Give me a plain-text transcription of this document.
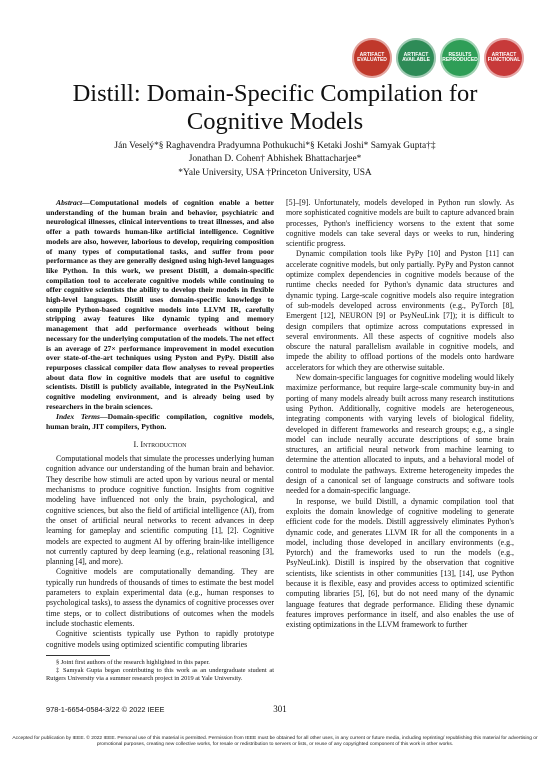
ARTIFACT EVALUATED
ARTIFACT AVAILABLE
RESULTS REPRODUCED
ARTIFACT FUNCTIONAL
Distill: Domain-Specific Compilation for
Cognitive Models
Ján Veselý*§ Raghavendra Pradyumna Pothukuchi*§ Ketaki Joshi* Samyak Gupta†‡
Jonathan D. Cohen† Abhishek Bhattacharjee*
*Yale University, USA †Princeton University, USA

Abstract—Computational models of cognition enable a better understanding of the human brain and behavior, psychiatric and neurological illnesses, clinical interventions to treat illnesses, and also offer a path towards human-like artificial intelligence. Cognitive models are also, however, laborious to develop, requiring composition of many types of computational tasks, and suffer from poor performance as they are generally designed using high-level languages like Python. In this work, we present Distill, a domain-specific compilation tool to accelerate cognitive models while continuing to offer cognitive scientists the ability to develop their models in flexible high-level languages. Distill uses domain-specific knowledge to compile Python-based cognitive models into LLVM IR, carefully stripping away features like dynamic typing and memory management that add performance overheads without being necessary for the underlying computation of the models. The net effect is an average of 27× performance improvement in model execution over state-of-the-art techniques using Pyston and PyPy. Distill also repurposes classical compiler data flow analyses to reveal properties about data flow in cognitive models that are useful to cognitive scientists. Distill is publicly available, integrated in the PsyNeuLink cognitive modeling environment, and is already being used by researchers in the brain sciences.

Index Terms—Domain-specific compilation, cognitive models, human brain, JIT compilers, Python.

I. Introduction

Computational models that simulate the processes underlying human cognition advance our understanding of the human brain and behavior. They describe how stimuli are acted upon by various neural or mental mechanisms to produce cognitive function. Insights from cognitive modeling have influenced not only the brain, psychological, and cognitive sciences, but also the field of artificial intelligence (AI), from the onset of artificial neural networks to recent advances in deep learning for gameplay and scientific computing [1], [2]. Cognitive models are expected to augment AI by offering brain-like intelligence not currently captured by deep learning (e.g., relational reasoning [3], planning [4], and more).

Cognitive models are computationally demanding. They are typically run hundreds of thousands of times to estimate the best model parameters to explain experimental data (e.g., human responses to psychological tasks), to assess the dynamics of cognitive processes over time steps, or to collect distributions of outcomes when the models include stochastic elements.

Cognitive scientists typically use Python to rapidly prototype cognitive models using optimized scientific computing libraries

§ Joint first authors of the research highlighted in this paper.

‡ Samyak Gupta began contributing to this work as an undergraduate student at Rutgers University via a summer research project in 2019 at Yale University.

[5]–[9]. Unfortunately, models developed in Python run slowly. As more sophisticated cognitive models are built to capture advanced brain processes, Python's inefficiency worsens to the extent that some cognitive models can take several days or weeks to run, hindering scientific progress.

Dynamic compilation tools like PyPy [10] and Pyston [11] can accelerate cognitive models, but only partially. PyPy and Pyston cannot optimize complex dependencies in cognitive models because of the runtime checks needed for Python's dynamic data structures and dynamic typing. Large-scale cognitive models also require integration of sub-models developed across environments (e.g., PyTorch [8], Emergent [12], NEURON [9] or PsyNeuLink [7]); it is difficult to design compilers that optimize across computations expressed in several environments. All these aspects of cognitive models also obscure the natural parallelism available in cognitive models, and impede the ability to offload portions of the models onto hardware accelerators for which they are otherwise suitable.

New domain-specific languages for cognitive modeling would likely maximize performance, but require large-scale community buy-in and porting of many models already built across many research institutions using Python. Additionally, cognitive models are heterogeneous, integrating components with varying levels of biological fidelity, developed in different frameworks and research groups; e.g., a single model can include neurally accurate descriptions of some brain structures, an artificial neural network from machine learning to determine the attention allocated to inputs, and a behavioral model of control to modulate the pathways. Extreme heterogeneity impedes the design of a canonical set of language constructs and software tools needed for a domain-specific language.

In response, we build Distill, a dynamic compilation tool that exploits the domain knowledge of cognitive modeling to generate efficient code for the models. Distill aggressively eliminates Python's dynamic code, and generates LLVM IR for all the components in a model, including those developed in ancillary environments (e.g., Pytorch) and the frameworks used to run the models (e.g., PsyNeuLink). Distill is inspired by the observation that cognitive scientists, like scientists in other communities [13], [14], use Python because it is flexible, easy and provides access to optimized scientific computing libraries [5], [6], but do not need many of the dynamic language features that degrade performance. Eliding these dynamic features improves performance in itself, and also enables the use of existing optimizations in the LLVM framework to further

978-1-6654-0584-3/22 © 2022 IEEE	301
Accepted for publication by IEEE. © 2022 IEEE. Personal use of this material is permitted. Permission from IEEE must be obtained for all other uses, in any current or future media, including reprinting/ republishing this material for advertising or promotional purposes, creating new collective works, for resale or redistribution to servers or lists, or reuse of any copyrighted component of this work in other works.
